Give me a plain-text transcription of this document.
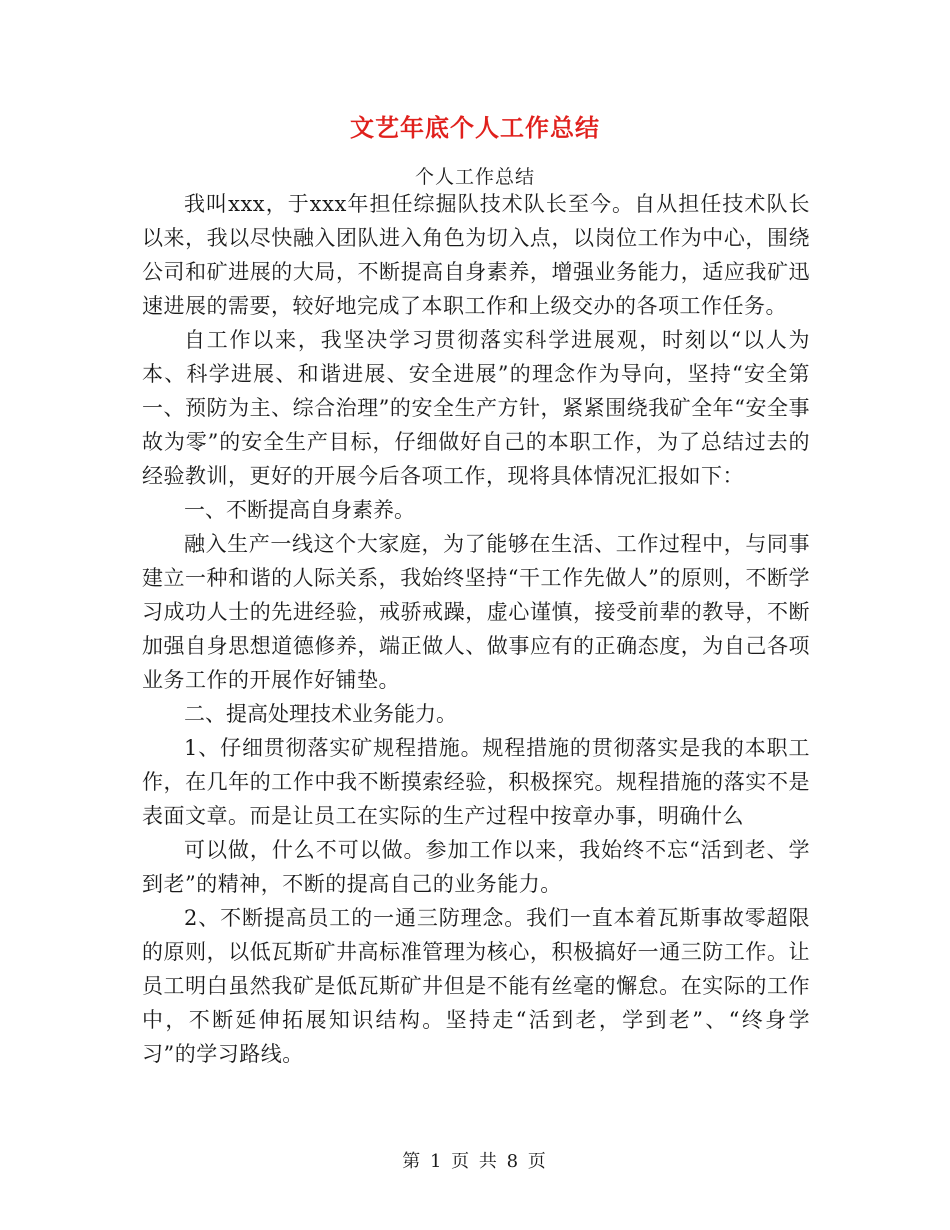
文艺年底个人工作总结
个人工作总结

我叫xxx，于xxx年担任综掘队技术队长至今。自从担任技术队长以来，我以尽快融入团队进入角色为切入点，以岗位工作为中心，围绕公司和矿进展的大局，不断提高自身素养，增强业务能力，适应我矿迅速进展的需要，较好地完成了本职工作和上级交办的各项工作任务。

自工作以来，我坚决学习贯彻落实科学进展观，时刻以“以人为本、科学进展、和谐进展、安全进展”的理念作为导向，坚持“安全第一、预防为主、综合治理”的安全生产方针，紧紧围绕我矿全年“安全事故为零”的安全生产目标，仔细做好自己的本职工作，为了总结过去的经验教训，更好的开展今后各项工作，现将具体情况汇报如下：

一、不断提高自身素养。

融入生产一线这个大家庭，为了能够在生活、工作过程中，与同事建立一种和谐的人际关系，我始终坚持“干工作先做人”的原则，不断学习成功人士的先进经验，戒骄戒躁，虚心谨慎，接受前辈的教导，不断加强自身思想道德修养，端正做人、做事应有的正确态度，为自己各项业务工作的开展作好铺垫。

二、提高处理技术业务能力。

1、仔细贯彻落实矿规程措施。规程措施的贯彻落实是我的本职工作，在几年的工作中我不断摸索经验，积极探究。规程措施的落实不是表面文章。而是让员工在实际的生产过程中按章办事，明确什么

可以做，什么不可以做。参加工作以来，我始终不忘“活到老、学到老”的精神，不断的提高自己的业务能力。

2、不断提高员工的一通三防理念。我们一直本着瓦斯事故零超限的原则，以低瓦斯矿井高标准管理为核心，积极搞好一通三防工作。让员工明白虽然我矿是低瓦斯矿井但是不能有丝毫的懈怠。在实际的工作中，不断延伸拓展知识结构。坚持走“活到老，学到老”、“终身学习”的学习路线。

第 1 页 共 8 页
